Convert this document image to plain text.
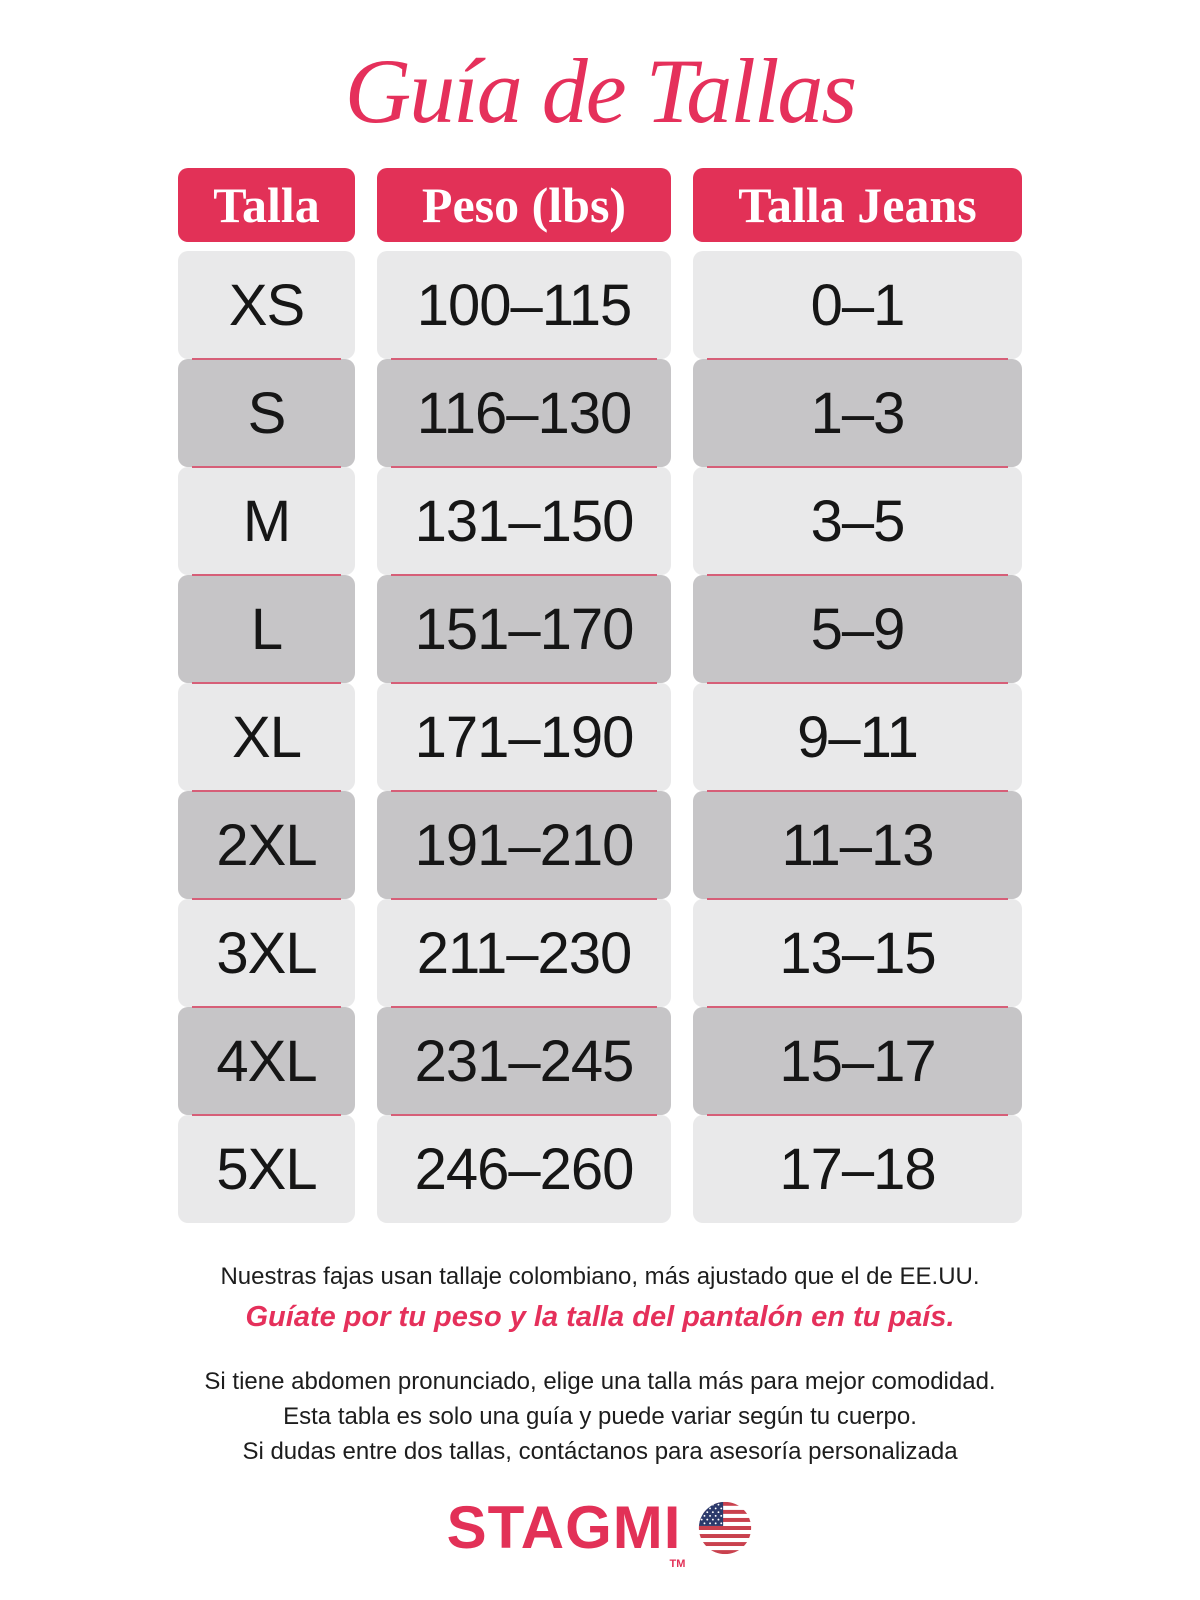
Guía de Tallas
Talla
XS
S
M
L
XL
2XL
3XL
4XL
5XL
Peso (lbs)
100–115
116–130
131–150
151–170
171–190
191–210
211–230
231–245
246–260
Talla Jeans
0–1
1–3
3–5
5–9
9–11
11–13
13–15
15–17
17–18

Nuestras fajas usan tallaje colombiano, más ajustado que el de EE.UU.

Guíate por tu peso y la talla del pantalón en tu país.

Si tiene abdomen pronunciado, elige una talla más para mejor comodidad.

Esta tabla es solo una guía y puede variar según tu cuerpo.

Si dudas entre dos tallas, contáctanos para asesoría personalizada

STAGMI
TM
